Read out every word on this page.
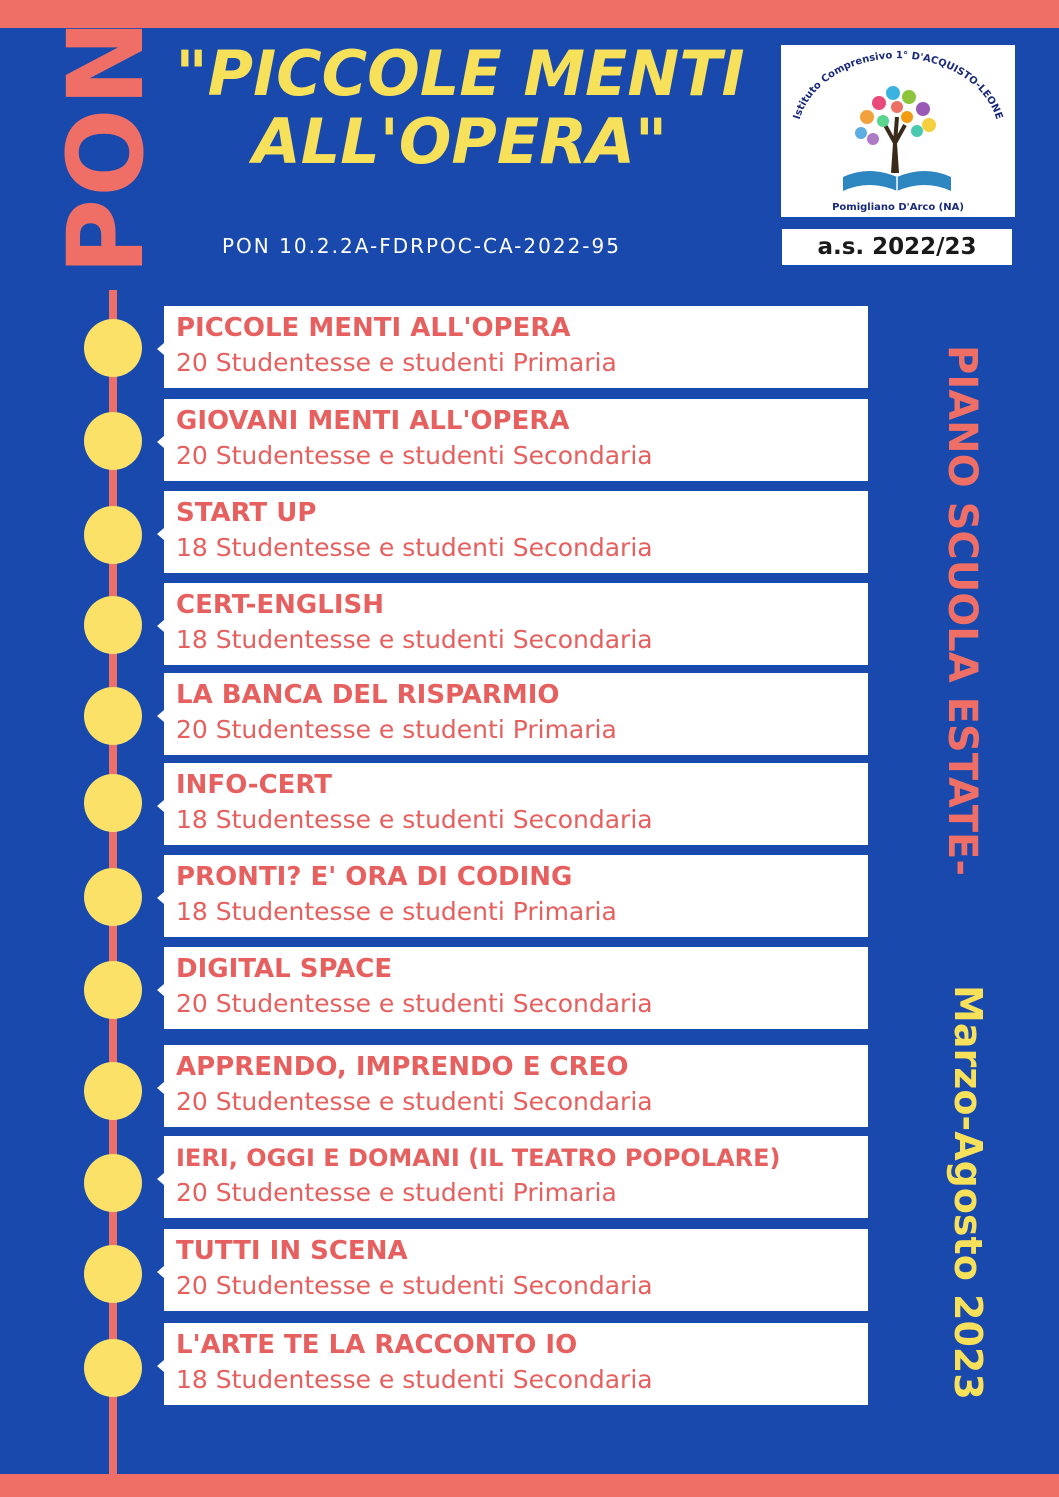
PON "PICCOLE MENTI
ALL'OPERA"
PON 10.2.2A-FDRPOC-CA-2022-95
Istituto Comprensivo 1° D'ACQUISTO-LEONE
Pomigliano D'Arco (NA)
a.s. 2022/23
PICCOLE MENTI ALL'OPERA
20 Studentesse e studenti Primaria
GIOVANI MENTI ALL'OPERA
20 Studentesse e studenti Secondaria
START UP
18 Studentesse e studenti Secondaria
CERT-ENGLISH
18 Studentesse e studenti Secondaria
LA BANCA DEL RISPARMIO
20 Studentesse e studenti Primaria
INFO-CERT
18 Studentesse e studenti Secondaria
PRONTI? E' ORA DI CODING
18 Studentesse e studenti Primaria
DIGITAL SPACE
20 Studentesse e studenti Secondaria
APPRENDO, IMPRENDO E CREO
20 Studentesse e studenti Secondaria
IERI, OGGI E DOMANI (IL TEATRO POPOLARE)
20 Studentesse e studenti Primaria
TUTTI IN SCENA
20 Studentesse e studenti Secondaria
L'ARTE TE LA RACCONTO IO
18 Studentesse e studenti Secondaria
PIANO SCUOLA ESTATE-
Marzo-Agosto 2023
